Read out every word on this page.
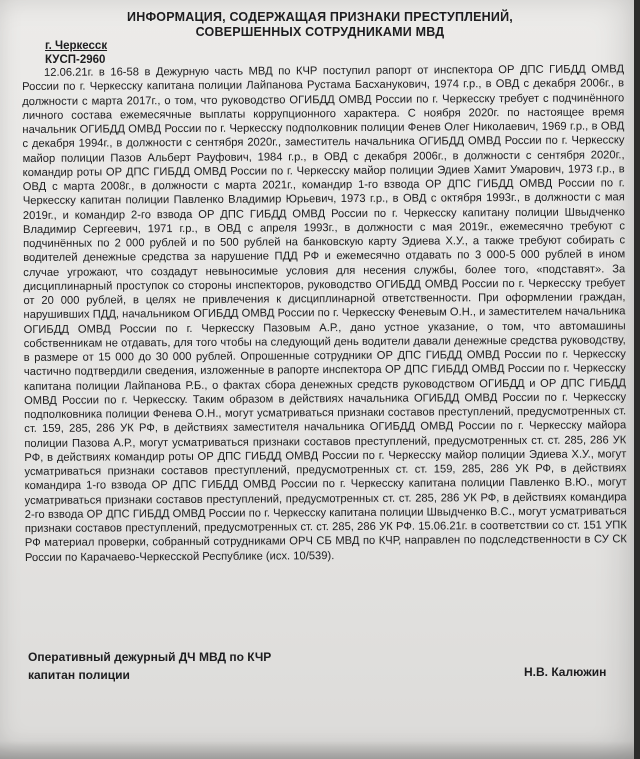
ИНФОРМАЦИЯ, СОДЕРЖАЩАЯ ПРИЗНАКИ ПРЕСТУПЛЕНИЙ,
СОВЕРШЕННЫХ СОТРУДНИКАМИ МВД
г. Черкесск
КУСП-2960
12.06.21г. в 16-58 в Дежурную часть МВД по КЧР поступил рапорт от инспектора ОР ДПС ГИБДД ОМВД России по г. Черкесску капитана полиции Лайпанова Рустама Басханукович, 1974 г.р., в ОВД с декабря 2006г., в должности с марта 2017г., о том, что руководство ОГИБДД ОМВД России по г. Черкесску требует с подчинённого личного состава ежемесячные выплаты коррупционного характера. С ноября 2020г. по настоящее время начальник ОГИБДД ОМВД России по г. Черкесску подполковник полиции Фенев Олег Николаевич, 1969 г.р., в ОВД с декабря 1994г., в должности с сентября 2020г., заместитель начальника ОГИБДД ОМВД России по г. Черкесску майор полиции Пазов Альберт Рауфович, 1984 г.р., в ОВД с декабря 2006г., в должности с сентября 2020г., командир роты ОР ДПС ГИБДД ОМВД России по г. Черкесску майор полиции Эдиев Хамит Умарович, 1973 г.р., в ОВД с марта 2008г., в должности с марта 2021г., командир 1-го взвода ОР ДПС ГИБДД ОМВД России по г. Черкесску капитан полиции Павленко Владимир Юрьевич, 1973 г.р., в ОВД с октября 1993г., в должности с мая 2019г., и командир 2-го взвода ОР ДПС ГИБДД ОМВД России по г. Черкесску капитану полиции Швыдченко Владимир Сергеевич, 1971 г.р., в ОВД с апреля 1993г., в должности с мая 2019г., ежемесячно требуют с подчинённых по 2 000 рублей и по 500 рублей на банковскую карту Эдиева Х.У., а также требуют собирать с водителей денежные средства за нарушение ПДД РФ и ежемесячно отдавать по 3 000-5 000 рублей в ином случае угрожают, что создадут невыносимые условия для несения службы, более того, «подставят». За дисциплинарный проступок со стороны инспекторов, руководство ОГИБДД ОМВД России по г. Черкесску требует от 20 000 рублей, в целях не привлечения к дисциплинарной ответственности. При оформлении граждан, нарушивших ПДД, начальником ОГИБДД ОМВД России по г. Черкесску Феневым О.Н., и заместителем начальника ОГИБДД ОМВД России по г. Черкесску Пазовым А.Р., дано устное указание, о том, что автомашины собственникам не отдавать, для того чтобы на следующий день водители давали денежные средства руководству, в размере от 15 000 до 30 000 рублей. Опрошенные сотрудники ОР ДПС ГИБДД ОМВД России по г. Черкесску частично подтвердили сведения, изложенные в рапорте инспектора ОР ДПС ГИБДД ОМВД России по г. Черкесску капитана полиции Лайпанова Р.Б., о фактах сбора денежных средств руководством ОГИБДД и ОР ДПС ГИБДД ОМВД России по г. Черкесску. Таким образом в действиях начальника ОГИБДД ОМВД России по г. Черкесску подполковника полиции Фенева О.Н., могут усматриваться признаки составов преступлений, предусмотренных ст. ст. 159, 285, 286 УК РФ, в действиях заместителя начальника ОГИБДД ОМВД России по г. Черкесску майора полиции Пазова А.Р., могут усматриваться признаки составов преступлений, предусмотренных ст. ст. 285, 286 УК РФ, в действиях командир роты ОР ДПС ГИБДД ОМВД России по г. Черкесску майор полиции Эдиева Х.У., могут усматриваться признаки составов преступлений, предусмотренных ст. ст. 159, 285, 286 УК РФ, в действиях командира 1-го взвода ОР ДПС ГИБДД ОМВД России по г. Черкесску капитана полиции Павленко В.Ю., могут усматриваться признаки составов преступлений, предусмотренных ст. ст. 285, 286 УК РФ, в действиях командира 2-го взвода ОР ДПС ГИБДД ОМВД России по г. Черкесску капитана полиции Швыдченко В.С., могут усматриваться признаки составов преступлений, предусмотренных ст. ст. 285, 286 УК РФ. 15.06.21г. в соответствии со ст. 151 УПК РФ материал проверки, собранный сотрудниками ОРЧ СБ МВД по КЧР, направлен по подследственности в СУ СК России по Карачаево-Черкесской Республике (исх. 10/539).
Оперативный дежурный ДЧ МВД по КЧР
капитан полиции	Н.В. Калюжин
